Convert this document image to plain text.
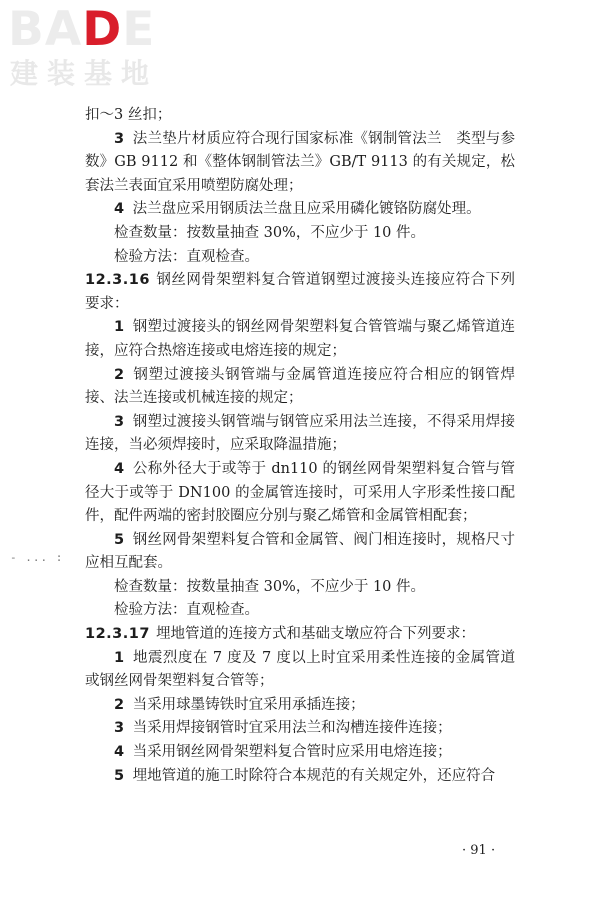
BADE
建装基地

扣～3 丝扣；

3 法兰垫片材质应符合现行国家标准《钢制管法兰　类型与参数》GB 9112 和《整体钢制管法兰》GB/T 9113 的有关规定，松套法兰表面宜采用喷塑防腐处理；

4 法兰盘应采用钢质法兰盘且应采用磷化镀铬防腐处理。

检查数量：按数量抽查 30%，不应少于 10 件。

检验方法：直观检查。

12.3.16 钢丝网骨架塑料复合管道钢塑过渡接头连接应符合下列要求：

1 钢塑过渡接头的钢丝网骨架塑料复合管管端与聚乙烯管道连接，应符合热熔连接或电熔连接的规定；

2 钢塑过渡接头钢管端与金属管道连接应符合相应的钢管焊接、法兰连接或机械连接的规定；

3 钢塑过渡接头钢管端与钢管应采用法兰连接，不得采用焊接连接，当必须焊接时，应采取降温措施；

4 公称外径大于或等于 dn110 的钢丝网骨架塑料复合管与管径大于或等于 DN100 的金属管连接时，可采用人字形柔性接口配件，配件两端的密封胶圈应分别与聚乙烯管和金属管相配套；

5 钢丝网骨架塑料复合管和金属管、阀门相连接时，规格尺寸应相互配套。

检查数量：按数量抽查 30%，不应少于 10 件。

检验方法：直观检查。

12.3.17 埋地管道的连接方式和基础支墩应符合下列要求：

1 地震烈度在 7 度及 7 度以上时宜采用柔性连接的金属管道或钢丝网骨架塑料复合管等；

2 当采用球墨铸铁时宜采用承插连接；

3 当采用焊接钢管时宜采用法兰和沟槽连接件连接；

4 当采用钢丝网骨架塑料复合管时应采用电熔连接；

5 埋地管道的施工时除符合本规范的有关规定外，还应符合

- ... :
· 91 ·
